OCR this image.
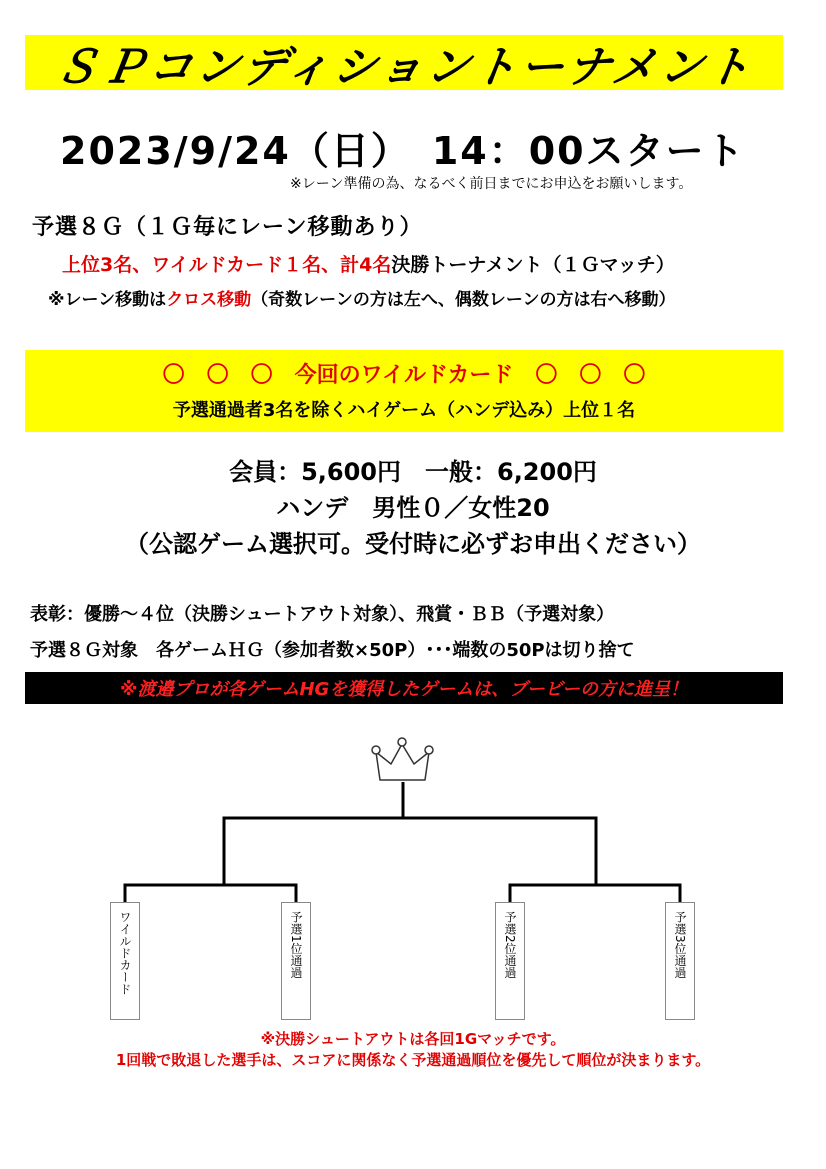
ＳＰコンディショントーナメント
2023/9/24（日）　14：00スタート
※レーン準備の為、なるべく前日までにお申込をお願いします。
予選８Ｇ（１Ｇ毎にレーン移動あり）
上位3名、ワイルドカード１名、計4名決勝トーナメント（１Ｇマッチ）
※レーン移動はクロス移動（奇数レーンの方は左へ、偶数レーンの方は右へ移動）
〇　〇　〇　今回のワイルドカード　〇　〇　〇
予選通過者3名を除くハイゲーム（ハンデ込み）上位１名
会員：5,600円　一般：6,200円
ハンデ　男性０／女性20
（公認ゲーム選択可。受付時に必ずお申出ください）
表彰：優勝～４位（決勝シュートアウト対象）、飛賞・ＢＢ（予選対象）
予選８Ｇ対象　各ゲームＨＧ（参加者数×50P）･･･端数の50Pは切り捨て
※渡邉プロが各ゲームHGを獲得したゲームは、ブービーの方に進呈！
ワイルドカード	予選1位通過	予選2位通過	予選3位通過
※決勝シュートアウトは各回1Gマッチです。
1回戦で敗退した選手は、スコアに関係なく予選通過順位を優先して順位が決まります。
